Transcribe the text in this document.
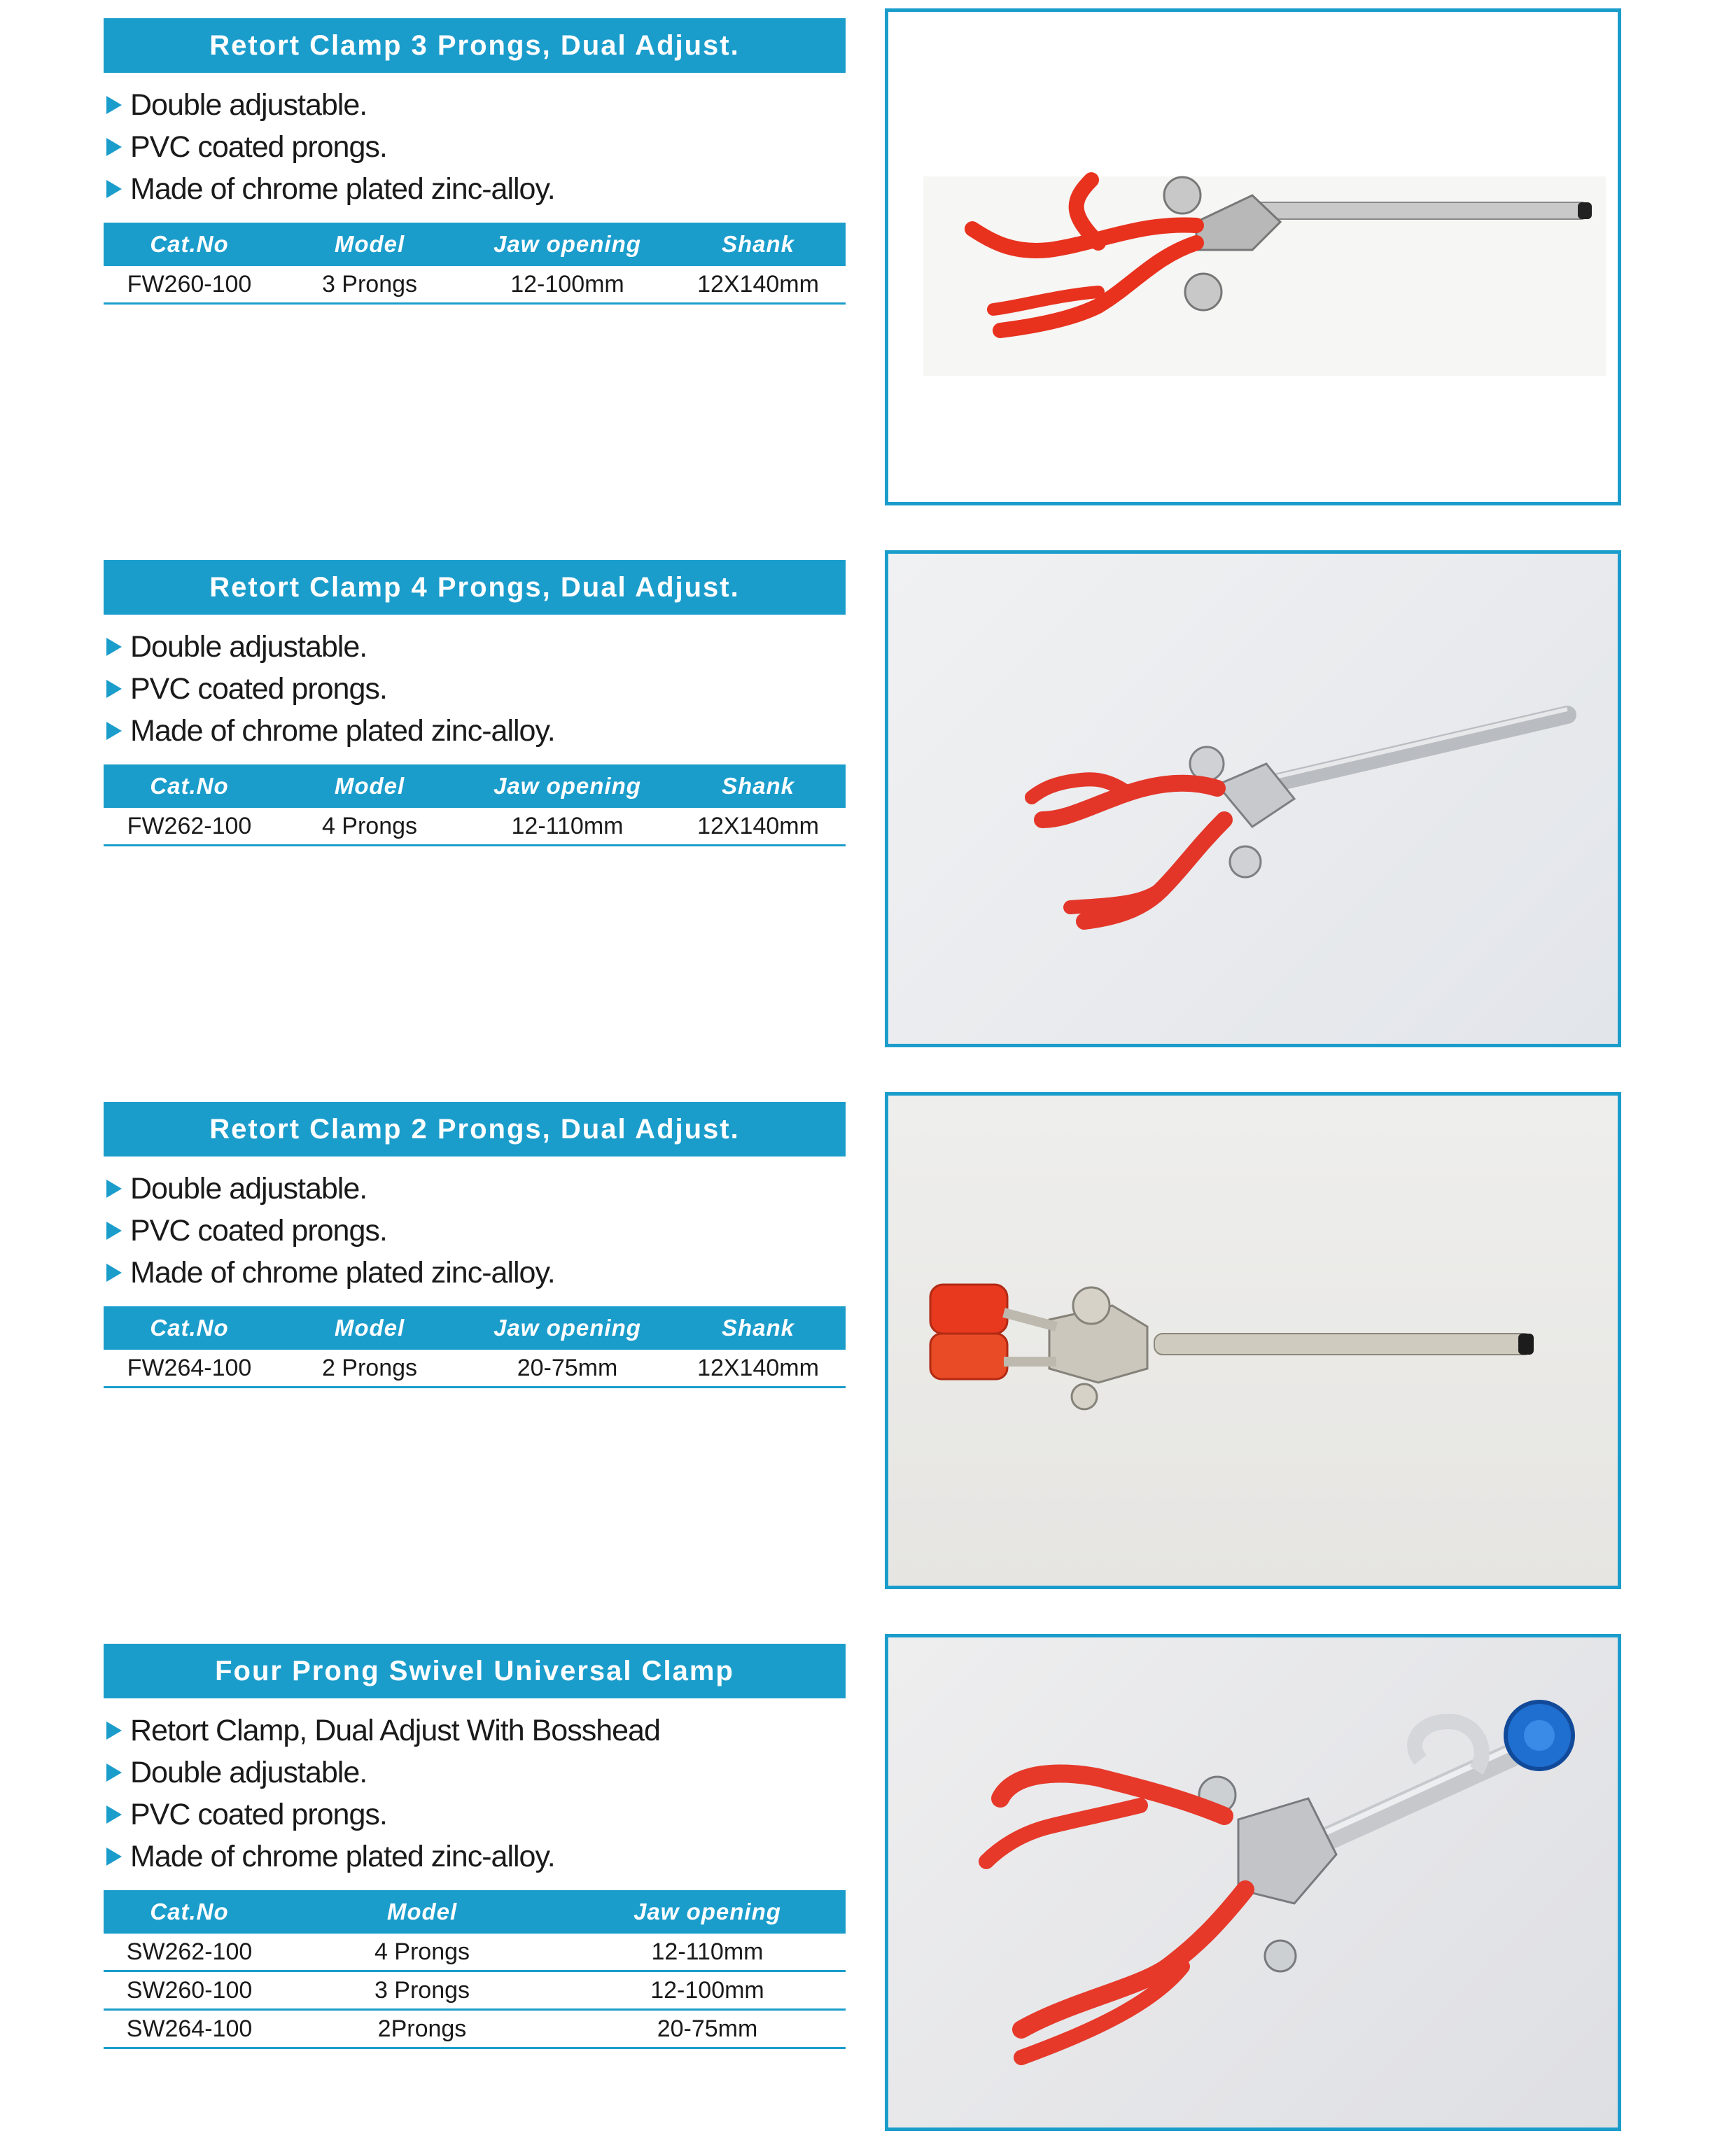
Retort Clamp 3 Prongs, Dual Adjust.
Double adjustable.
PVC coated prongs.
Made of chrome plated zinc-alloy.
Cat.No	Model	Jaw opening	Shank
FW260-100	3 Prongs	12-100mm	12X140mm
Retort Clamp 4 Prongs, Dual Adjust.
Double adjustable.
PVC coated prongs.
Made of chrome plated zinc-alloy.
Cat.No	Model	Jaw opening	Shank
FW262-100	4 Prongs	12-110mm	12X140mm
Retort Clamp 2 Prongs, Dual Adjust.
Double adjustable.
PVC coated prongs.
Made of chrome plated zinc-alloy.
Cat.No	Model	Jaw opening	Shank
FW264-100	2 Prongs	20-75mm	12X140mm
Four Prong Swivel Universal Clamp
Retort Clamp, Dual Adjust With Bosshead
Double adjustable.
PVC coated prongs.
Made of chrome plated zinc-alloy.
Cat.No	Model	Jaw opening
SW262-100	4 Prongs	12-110mm
SW260-100	3 Prongs	12-100mm
SW264-100	2Prongs	20-75mm
